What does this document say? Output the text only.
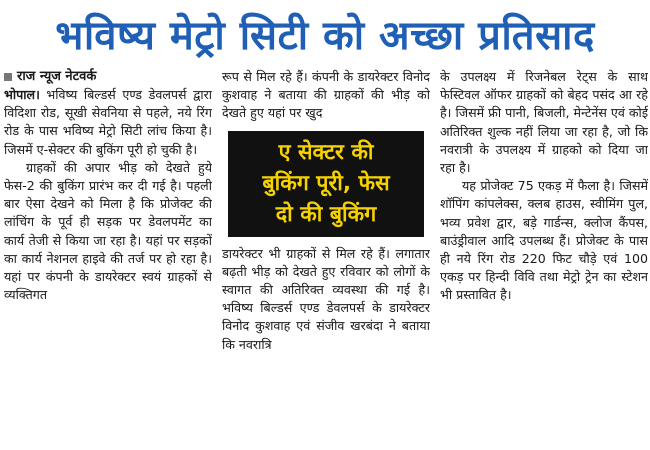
भविष्य मेट्रो सिटी को अच्छा प्रतिसाद
राज न्यूज नेटवर्क

भोपाल। भविष्य बिल्डर्स एण्ड डेवलपर्स द्वारा विदिशा रोड, सूखी सेवनिया से पहले, नये रिंग रोड के पास भविष्य मेट्रो सिटी लांच किया है। जिसमें ए-सेक्टर की बुकिंग पूरी हो चुकी है।

ग्राहकों की अपार भीड़ को देखते हुये फेस-2 की बुकिंग प्रारंभ कर दी गई है। पहली बार ऐसा देखने को मिला है कि प्रोजेक्ट की लांचिंग के पूर्व ही सड़क पर डेवलपमेंट का कार्य तेजी से किया जा रहा है। यहां पर सड़कों का कार्य नेशनल हाइवे की तर्ज पर हो रहा है। यहां पर कंपनी के डायरेक्टर स्वयं ग्राहकों से व्यक्तिगत

रूप से मिल रहे हैं। कंपनी के डायरेक्टर विनोद कुशवाह ने बताया की ग्राहकों की भीड़ को देखते हुए यहां पर खुद

ए सेक्टर की
बुकिंग पूरी, फेस
दो की बुकिंग

डायरेक्टर भी ग्राहकों से मिल रहे हैं। लगातार बढ़ती भीड़ को देखते हुए रविवार को लोगों के स्वागत की अतिरिक्त व्यवस्था की गई है। भविष्य बिल्डर्स एण्ड डेवलपर्स के डायरेक्टर विनोद कुशवाह एवं संजीव खरबंदा ने बताया कि नवरात्रि

के उपलक्ष्य में रिजनेबल रेट्स के साथ फेस्टिवल ऑफर ग्राहकों को बेहद पसंद आ रहे है। जिसमें फ्री पानी, बिजली, मेन्टेनेंस एवं कोई अतिरिक्त शुल्क नहीं लिया जा रहा है, जो कि नवरात्री के उपलक्ष्य में ग्राहको को दिया जा रहा है।

यह प्रोजेक्ट 75 एकड़ में फैला है। जिसमें शॉपिंग कांपलेक्स, क्लब हाउस, स्वीमिंग पुल, भव्य प्रवेश द्वार, बड़े गार्डन्स, क्लोज कैंपस, बाउंड्रीवाल आदि उपलब्ध हैं। प्रोजेक्ट के पास ही नये रिंग रोड 220 फिट चौड़े एवं 100 एकड़ पर हिन्दी विवि तथा मेट्रो ट्रेन का स्टेशन भी प्रस्तावित है।
